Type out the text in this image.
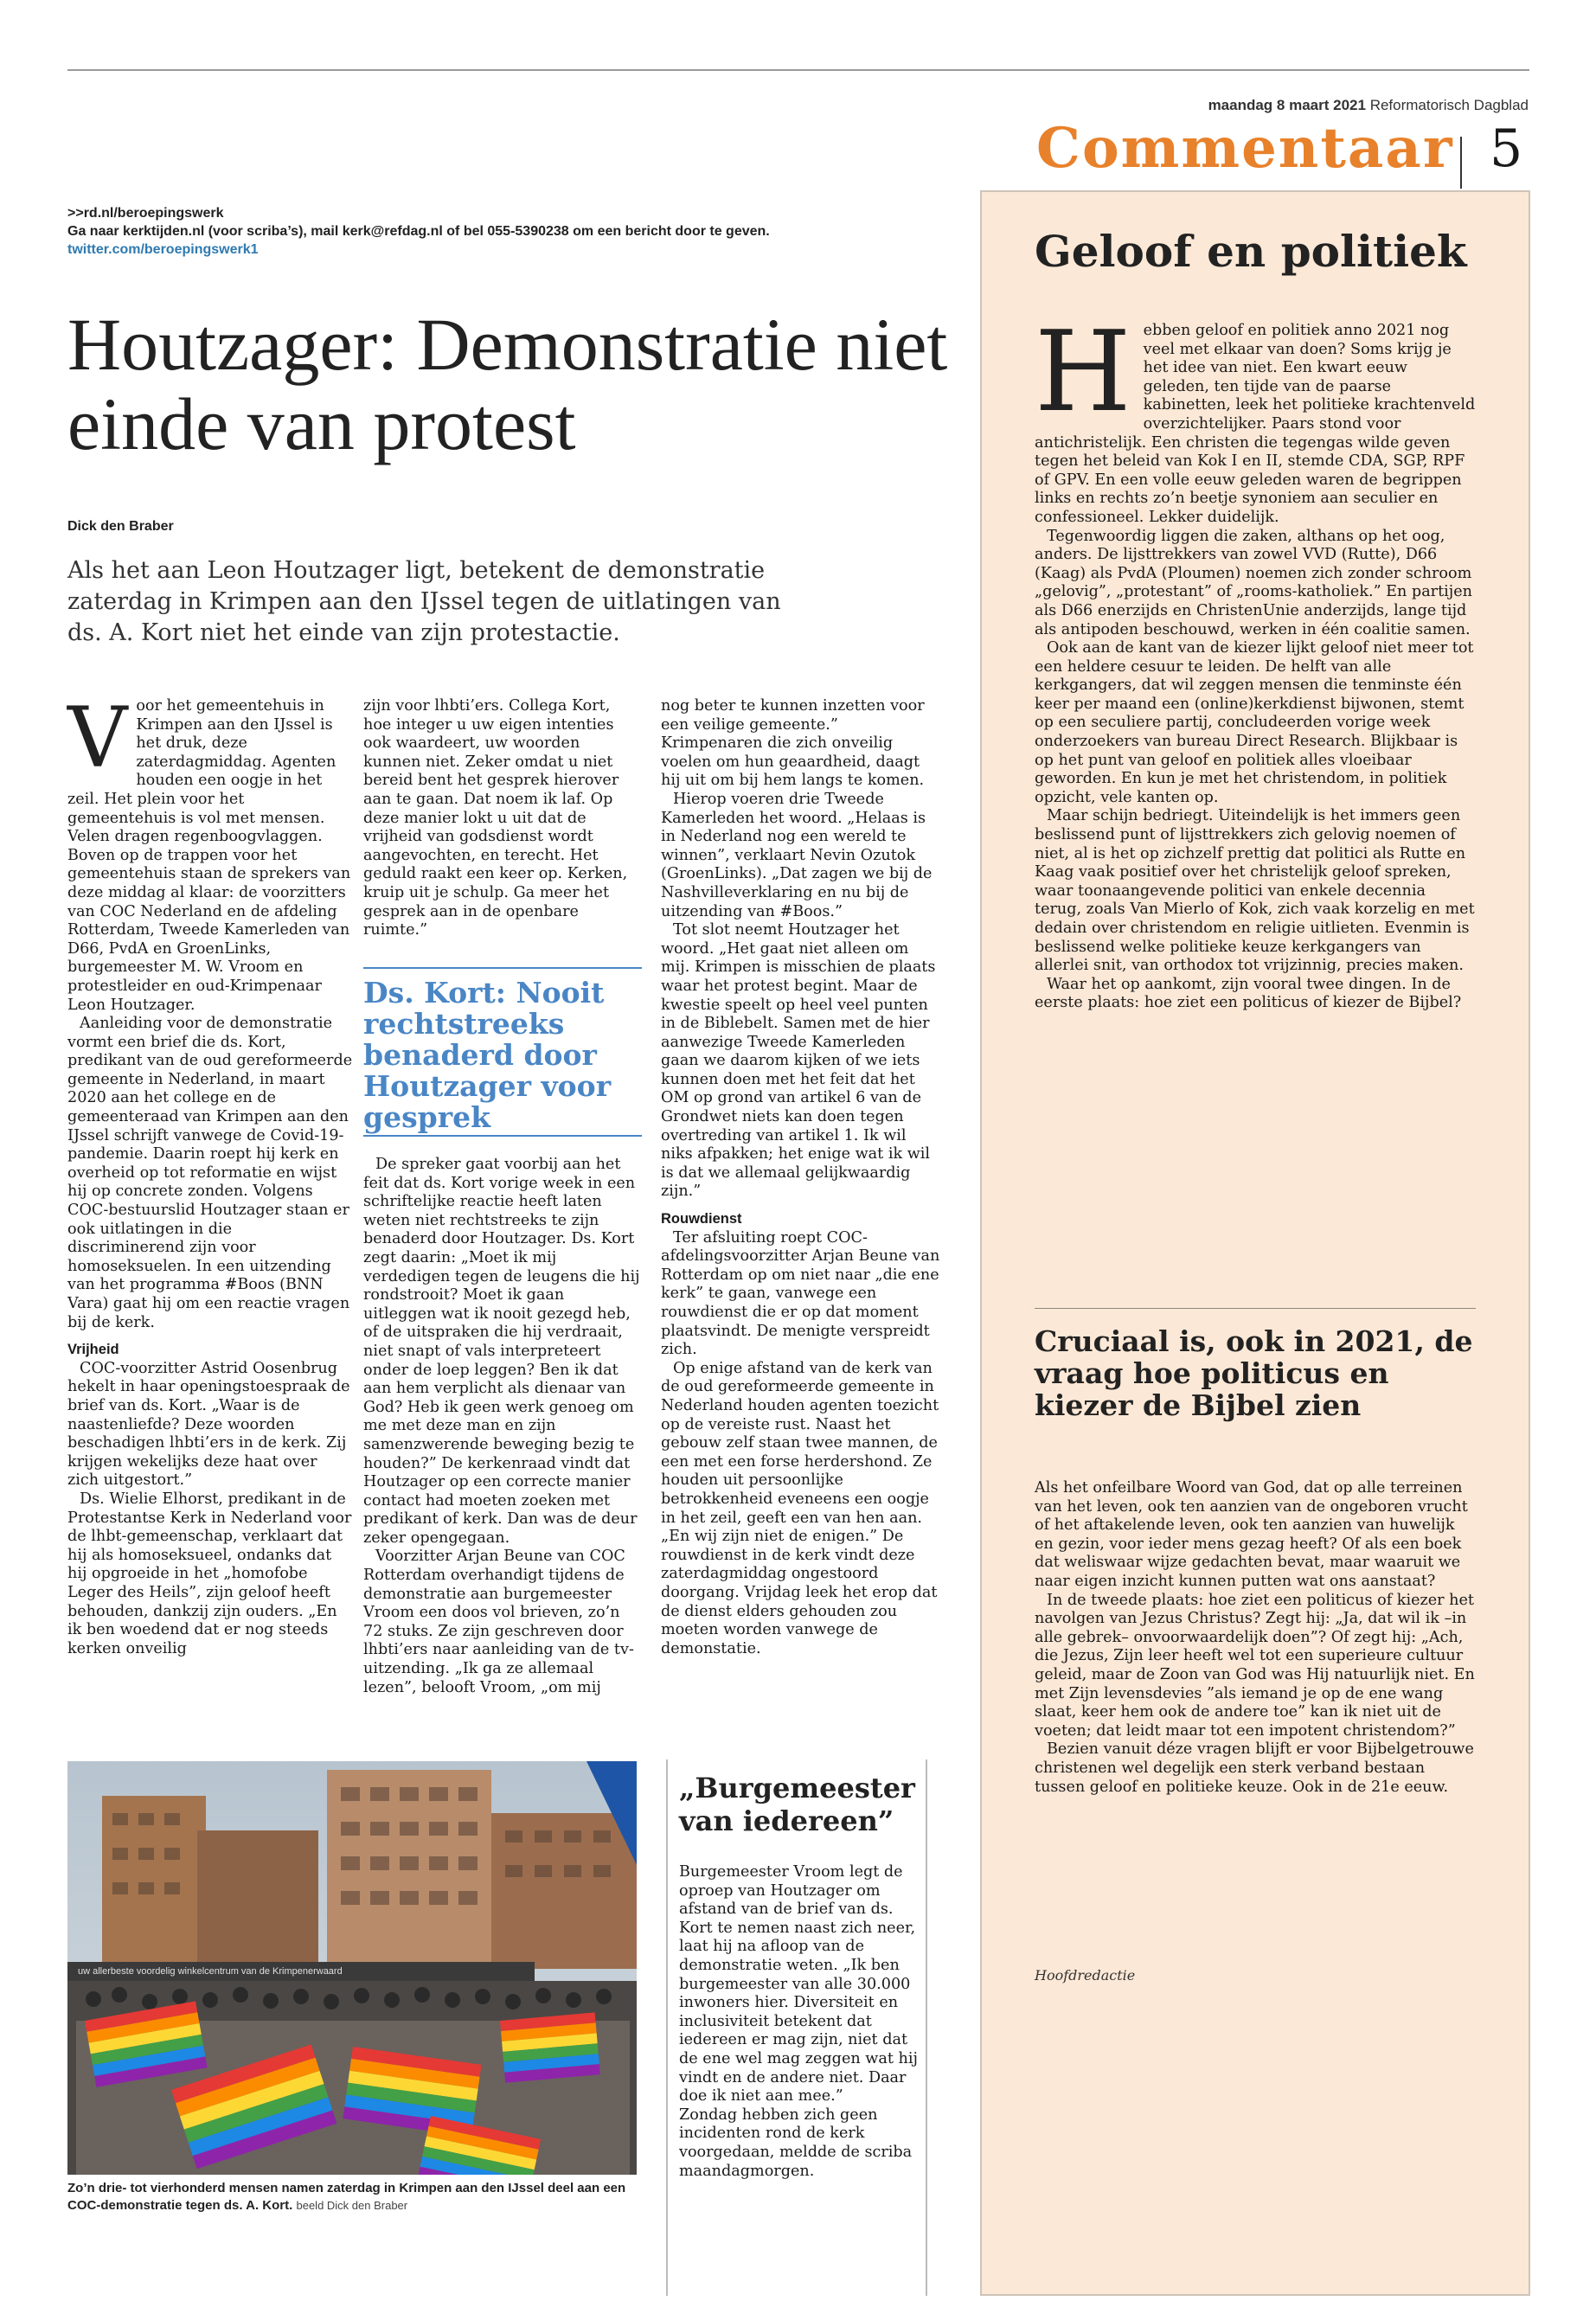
maandag 8 maart 2021 Reformatorisch Dagblad
Commentaar 5
>>rd.nl/beroepingswerk
Ga naar kerktijden.nl (voor scriba’s), mail kerk@refdag.nl of bel 055-5390238 om een bericht door te geven.
twitter.com/beroepingswerk1
Houtzager: Demonstratie niet einde van protest
Dick den Braber
Als het aan Leon Houtzager ligt, betekent de demonstratie zaterdag in Krimpen aan den IJssel tegen de uitlatingen van ds. A. Kort niet het einde van zijn protestactie.
V oor het gemeentehuis in Krimpen aan den IJssel is het druk, deze zaterdagmiddag. Agenten houden een oogje in het zeil. Het plein voor het gemeentehuis is vol met mensen. Velen dragen regenboogvlaggen. Boven op de trappen voor het gemeentehuis staan de sprekers van deze middag al klaar: de voorzitters van COC Nederland en de afdeling Rotterdam, Tweede Kamerleden van D66, PvdA en GroenLinks, burgemeester M. W. Vroom en protestleider en oud-Krimpenaar Leon Houtzager.

Aanleiding voor de demonstratie vormt een brief die ds. Kort, predikant van de oud gereformeerde gemeente in Nederland, in maart 2020 aan het college en de gemeenteraad van Krimpen aan den IJssel schrijft vanwege de Covid-19-pandemie. Daarin roept hij kerk en overheid op tot reformatie en wijst hij op concrete zonden. Volgens COC-bestuurslid Houtzager staan er ook uitlatingen in die discriminerend zijn voor homoseksuelen. In een uitzending van het programma #Boos (BNN Vara) gaat hij om een reactie vragen bij de kerk.

Vrijheid

COC-voorzitter Astrid Oosenbrug hekelt in haar openingstoespraak de brief van ds. Kort. „Waar is de naastenliefde? Deze woorden beschadigen lhbti’ers in de kerk. Zij krijgen wekelijks deze haat over zich uitgestort.”

Ds. Wielie Elhorst, predikant in de Protestantse Kerk in Nederland voor de lhbt-gemeenschap, verklaart dat hij als homoseksueel, ondanks dat hij opgroeide in het „homofobe Leger des Heils”, zijn geloof heeft behouden, dankzij zijn ouders. „En ik ben woedend dat er nog steeds kerken onveilig

zijn voor lhbti’ers. Collega Kort, hoe integer u uw eigen intenties ook waardeert, uw woorden kunnen niet. Zeker omdat u niet bereid bent het gesprek hierover aan te gaan. Dat noem ik laf. Op deze manier lokt u uit dat de vrijheid van godsdienst wordt aangevochten, en terecht. Het geduld raakt een keer op. Kerken, kruip uit je schulp. Ga meer het gesprek aan in de openbare ruimte.”

Ds. Kort: Nooit rechtstreeks benaderd door Houtzager voor gesprek

De spreker gaat voorbij aan het feit dat ds. Kort vorige week in een schriftelijke reactie heeft laten weten niet rechtstreeks te zijn benaderd door Houtzager. Ds. Kort zegt daarin: „Moet ik mij verdedigen tegen de leugens die hij rondstrooit? Moet ik gaan uitleggen wat ik nooit gezegd heb, of de uitspraken die hij verdraait, niet snapt of vals interpreteert onder de loep leggen? Ben ik dat aan hem verplicht als dienaar van God? Heb ik geen werk genoeg om me met deze man en zijn samenzwerende beweging bezig te houden?” De kerkenraad vindt dat Houtzager op een correcte manier contact had moeten zoeken met predikant of kerk. Dan was de deur zeker opengegaan.

Voorzitter Arjan Beune van COC Rotterdam overhandigt tijdens de demonstratie aan burgemeester Vroom een doos vol brieven, zo’n 72 stuks. Ze zijn geschreven door lhbti’ers naar aanleiding van de tv-uitzending. „Ik ga ze allemaal lezen”, belooft Vroom, „om mij

nog beter te kunnen inzetten voor een veilige gemeente.” Krimpenaren die zich onveilig voelen om hun geaardheid, daagt hij uit om bij hem langs te komen.

Hierop voeren drie Tweede Kamerleden het woord. „Helaas is in Nederland nog een wereld te winnen”, verklaart Nevin Ozutok (GroenLinks). „Dat zagen we bij de Nashvilleverklaring en nu bij de uitzending van #Boos.”

Tot slot neemt Houtzager het woord. „Het gaat niet alleen om mij. Krimpen is misschien de plaats waar het protest begint. Maar de kwestie speelt op heel veel punten in de Biblebelt. Samen met de hier aanwezige Tweede Kamerleden gaan we daarom kijken of we iets kunnen doen met het feit dat het OM op grond van artikel 6 van de Grondwet niets kan doen tegen overtreding van artikel 1. Ik wil niks afpakken; het enige wat ik wil is dat we allemaal gelijkwaardig zijn.”

Rouwdienst

Ter afsluiting roept COC-afdelingsvoorzitter Arjan Beune van Rotterdam op om niet naar „die ene kerk” te gaan, vanwege een rouwdienst die er op dat moment plaatsvindt. De menigte verspreidt zich.

Op enige afstand van de kerk van de oud gereformeerde gemeente in Nederland houden agenten toezicht op de vereiste rust. Naast het gebouw zelf staan twee mannen, de een met een forse herdershond. Ze houden uit persoonlijke betrokkenheid eveneens een oogje in het zeil, geeft een van hen aan. „En wij zijn niet de enigen.” De rouwdienst in de kerk vindt deze zaterdagmiddag ongestoord doorgang. Vrijdag leek het erop dat de dienst elders gehouden zou moeten worden vanwege de demonstatie.

uw allerbeste voordelig winkelcentrum van de Krimpenerwaard
Zo’n drie- tot vierhonderd mensen namen zaterdag in Krimpen aan den IJssel deel aan een COC-demonstratie tegen ds. A. Kort. beeld Dick den Braber
„Burgemeester van iedereen”

Burgemeester Vroom legt de oproep van Houtzager om afstand van de brief van ds. Kort te nemen naast zich neer, laat hij na afloop van de demonstratie weten. „Ik ben burgemeester van alle 30.000 inwoners hier. Diversiteit en inclusiviteit betekent dat iedereen er mag zijn, niet dat de ene wel mag zeggen wat hij vindt en de andere niet. Daar doe ik niet aan mee.”

Zondag hebben zich geen incidenten rond de kerk voorgedaan, meldde de scriba maandagmorgen.

Geloof en politiek
H ebben geloof en politiek anno 2021 nog veel met elkaar van doen? Soms krijg je het idee van niet. Een kwart eeuw geleden, ten tijde van de paarse kabinetten, leek het politieke krachtenveld overzichtelijker. Paars stond voor antichristelijk. Een christen die tegengas wilde geven tegen het beleid van Kok I en II, stemde CDA, SGP, RPF of GPV. En een volle eeuw geleden waren de begrippen links en rechts zo’n beetje synoniem aan seculier en confessioneel. Lekker duidelijk.

Tegenwoordig liggen die zaken, althans op het oog, anders. De lijsttrekkers van zowel VVD (Rutte), D66 (Kaag) als PvdA (Ploumen) noemen zich zonder schroom „gelovig”, „protestant” of „rooms-katholiek.” En partijen als D66 enerzijds en ChristenUnie anderzijds, lange tijd als antipoden beschouwd, werken in één coalitie samen.

Ook aan de kant van de kiezer lijkt geloof niet meer tot een heldere cesuur te leiden. De helft van alle kerkgangers, dat wil zeggen mensen die tenminste één keer per maand een (online)kerkdienst bijwonen, stemt op een seculiere partij, concludeerden vorige week onderzoekers van bureau Direct Research. Blijkbaar is op het punt van geloof en politiek alles vloeibaar geworden. En kun je met het christendom, in politiek opzicht, vele kanten op.

Maar schijn bedriegt. Uiteindelijk is het immers geen beslissend punt of lijsttrekkers zich gelovig noemen of niet, al is het op zichzelf prettig dat politici als Rutte en Kaag vaak positief over het christelijk geloof spreken, waar toonaangevende politici van enkele decennia terug, zoals Van Mierlo of Kok, zich vaak korzelig en met dedain over christendom en religie uitlieten. Evenmin is beslissend welke politieke keuze kerkgangers van allerlei snit, van orthodox tot vrijzinnig, precies maken.

Waar het op aankomt, zijn vooral twee dingen. In de eerste plaats: hoe ziet een politicus of kiezer de Bijbel?

Cruciaal is, ook in 2021, de vraag hoe politicus en kiezer de Bijbel zien

Als het onfeilbare Woord van God, dat op alle terreinen van het leven, ook ten aanzien van de ongeboren vrucht of het aftakelende leven, ook ten aanzien van huwelijk en gezin, voor ieder mens gezag heeft? Of als een boek dat weliswaar wijze gedachten bevat, maar waaruit we naar eigen inzicht kunnen putten wat ons aanstaat?

In de tweede plaats: hoe ziet een politicus of kiezer het navolgen van Jezus Christus? Zegt hij: „Ja, dat wil ik –in alle gebrek– onvoorwaardelijk doen”? Of zegt hij: „Ach, die Jezus, Zijn leer heeft wel tot een superieure cultuur geleid, maar de Zoon van God was Hij natuurlijk niet. En met Zijn levensdevies ”als iemand je op de ene wang slaat, keer hem ook de andere toe” kan ik niet uit de voeten; dat leidt maar tot een impotent christendom?”

Bezien vanuit déze vragen blijft er voor Bijbelgetrouwe christenen wel degelijk een sterk verband bestaan tussen geloof en politieke keuze. Ook in de 21e eeuw.

Hoofdredactie
